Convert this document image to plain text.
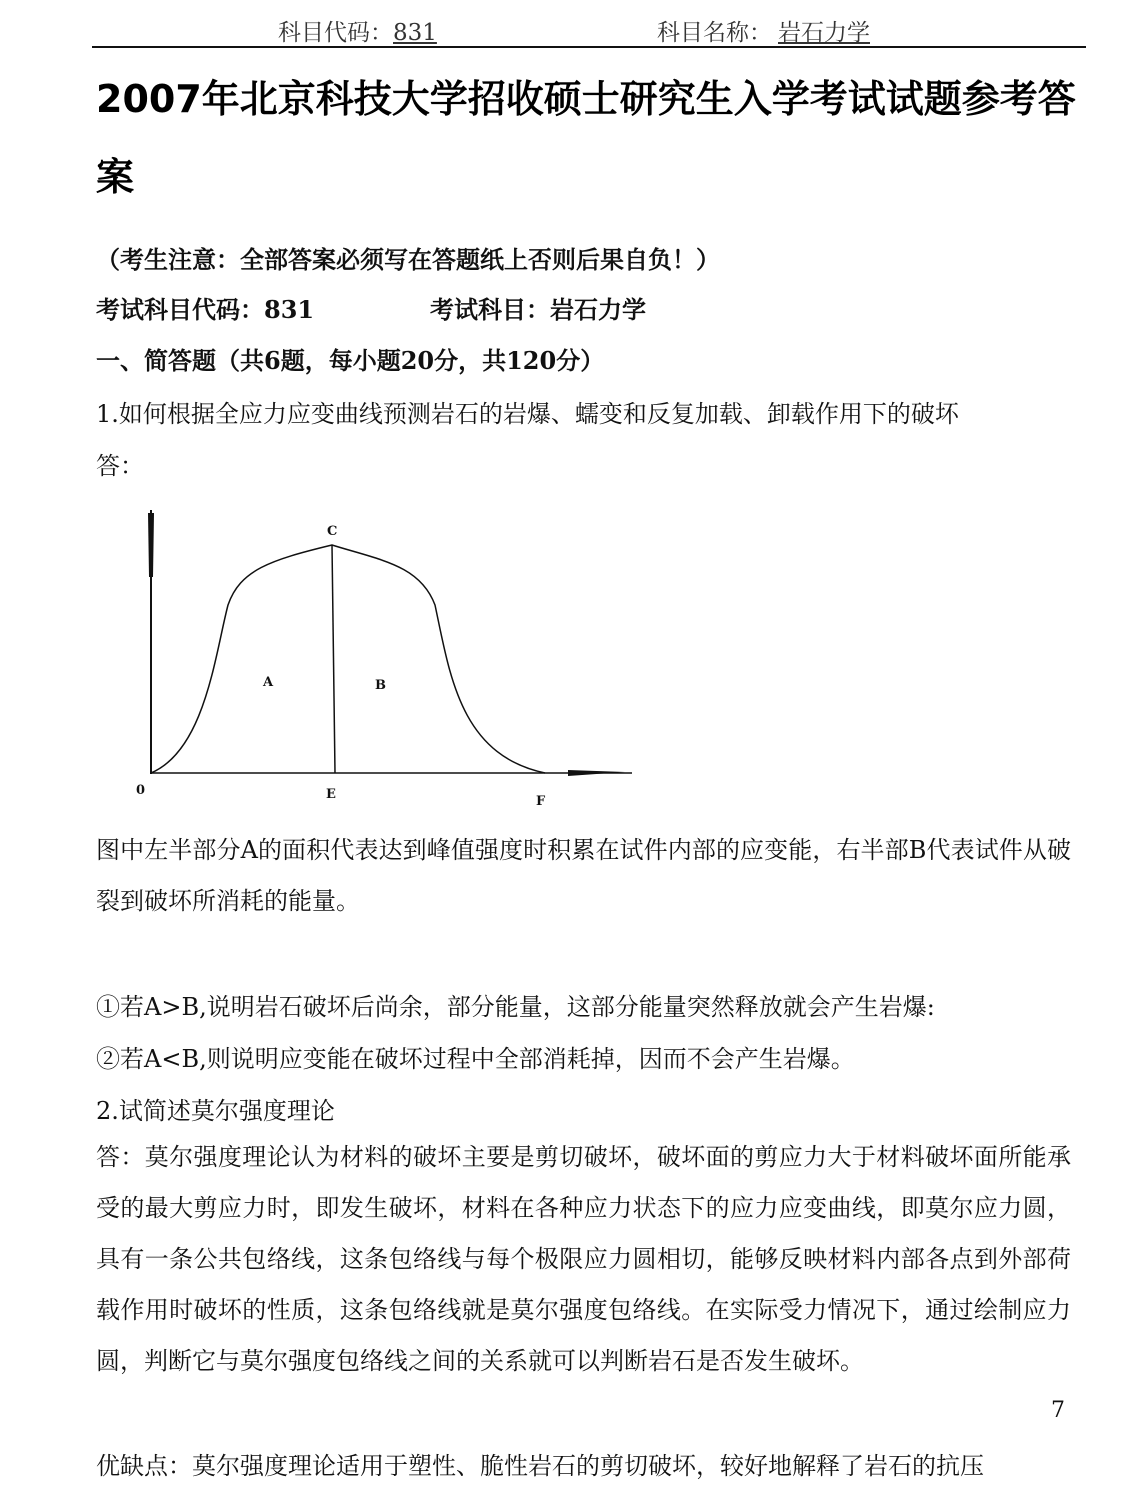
科目代码：831	科目名称： 岩石力学
2007年北京科技大学招收硕士研究生入学考试试题参考答案
（考生注意：全部答案必须写在答题纸上否则后果自负！）
考试科目代码：831	考试科目：岩石力学
一、简答题（共6题，每小题20分，共120分）
1.如何根据全应力应变曲线预测岩石的岩爆、蠕变和反复加载、卸载作用下的破坏
答：
0
C
A	B
E	F
图中左半部分A的面积代表达到峰值强度时积累在试件内部的应变能，右半部B代表试件从破裂到破坏所消耗的能量。
①若A>B,说明岩石破坏后尚余，部分能量，这部分能量突然释放就会产生岩爆:
②若A<B,则说明应变能在破坏过程中全部消耗掉，因而不会产生岩爆。
2.试简述莫尔强度理论
答：莫尔强度理论认为材料的破坏主要是剪切破坏，破坏面的剪应力大于材料破坏面所能承受的最大剪应力时，即发生破坏，材料在各种应力状态下的应力应变曲线，即莫尔应力圆，具有一条公共包络线，这条包络线与每个极限应力圆相切，能够反映材料内部各点到外部荷载作用时破坏的性质，这条包络线就是莫尔强度包络线。在实际受力情况下，通过绘制应力圆，判断它与莫尔强度包络线之间的关系就可以判断岩石是否发生破坏。
7
优缺点：莫尔强度理论适用于塑性、脆性岩石的剪切破坏，较好地解释了岩石的抗压
